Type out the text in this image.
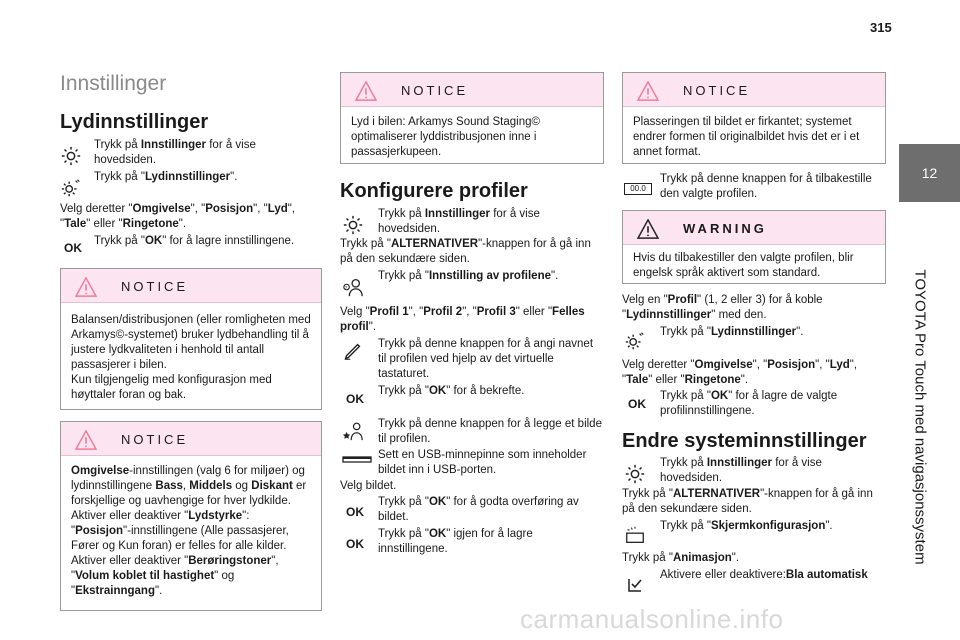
315
12
TOYOTA Pro Touch med navigasjonssystem
Innstillinger
Lydinnstillinger
Trykk på Innstillinger for å vise hovedsiden.
Trykk på "Lydinnstillinger".
Velg deretter "Omgivelse", "Posisjon", "Lyd",
"Tale" eller "Ringetone".
OK Trykk på "OK" for å lagre innstillingene.
NOTICE
Balansen/distribusjonen (eller romligheten med Arkamys©-systemet) bruker lydbehandling til å justere lydkvaliteten i henhold til antall passasjerer i bilen.
Kun tilgjengelig med konfigurasjon med høyttaler foran og bak.
NOTICE
Omgivelse-innstillingen (valg 6 for miljøer) og lydinnstillingene Bass, Middels og Diskant er forskjellige og uavhengige for hver lydkilde.
Aktiver eller deaktiver "Lydstyrke":
"Posisjon"-innstillingene (Alle passasjerer, Fører og Kun foran) er felles for alle kilder.
Aktiver eller deaktiver "Berøringstoner",
"Volum koblet til hastighet" og
"Ekstrainngang".
NOTICE
Lyd i bilen: Arkamys Sound Staging© optimaliserer lyddistribusjonen inne i passasjerkupeen.
Konfigurere profiler
Trykk på Innstillinger for å vise hovedsiden.
Trykk på "ALTERNATIVER"-knappen for å gå inn på den sekundære siden.
?
Trykk på "Innstilling av profilene".
Velg "Profil 1", "Profil 2", "Profil 3" eller "Felles profil".
Trykk på denne knappen for å angi navnet til profilen ved hjelp av det virtuelle tastaturet.
OK
Trykk på "OK" for å bekrefte.
Trykk på denne knappen for å legge et bilde til profilen.
Sett en USB-minnepinne som inneholder bildet inn i USB-porten.
Velg bildet.
OK
Trykk på "OK" for å godta overføring av bildet.
OK
Trykk på "OK" igjen for å lagre innstillingene.
NOTICE
Plasseringen til bildet er firkantet; systemet endrer formen til originalbildet hvis det er i et annet format.
00.0
Trykk på denne knappen for å tilbakestille den valgte profilen.
WARNING
Hvis du tilbakestiller den valgte profilen, blir engelsk språk aktivert som standard.
Velg en "Profil" (1, 2 eller 3) for å koble "Lydinnstillinger" med den.
Trykk på "Lydinnstillinger".
Velg deretter "Omgivelse", "Posisjon", "Lyd",
"Tale" eller "Ringetone".
OK
Trykk på "OK" for å lagre de valgte profilinnstillingene.
Endre systeminnstillinger
Trykk på Innstillinger for å vise hovedsiden.
Trykk på "ALTERNATIVER"-knappen for å gå inn på den sekundære siden.
Trykk på "Skjermkonfigurasjon".
Trykk på "Animasjon".
Aktivere eller deaktivere:Bla automatisk
carmanualsonline.info
